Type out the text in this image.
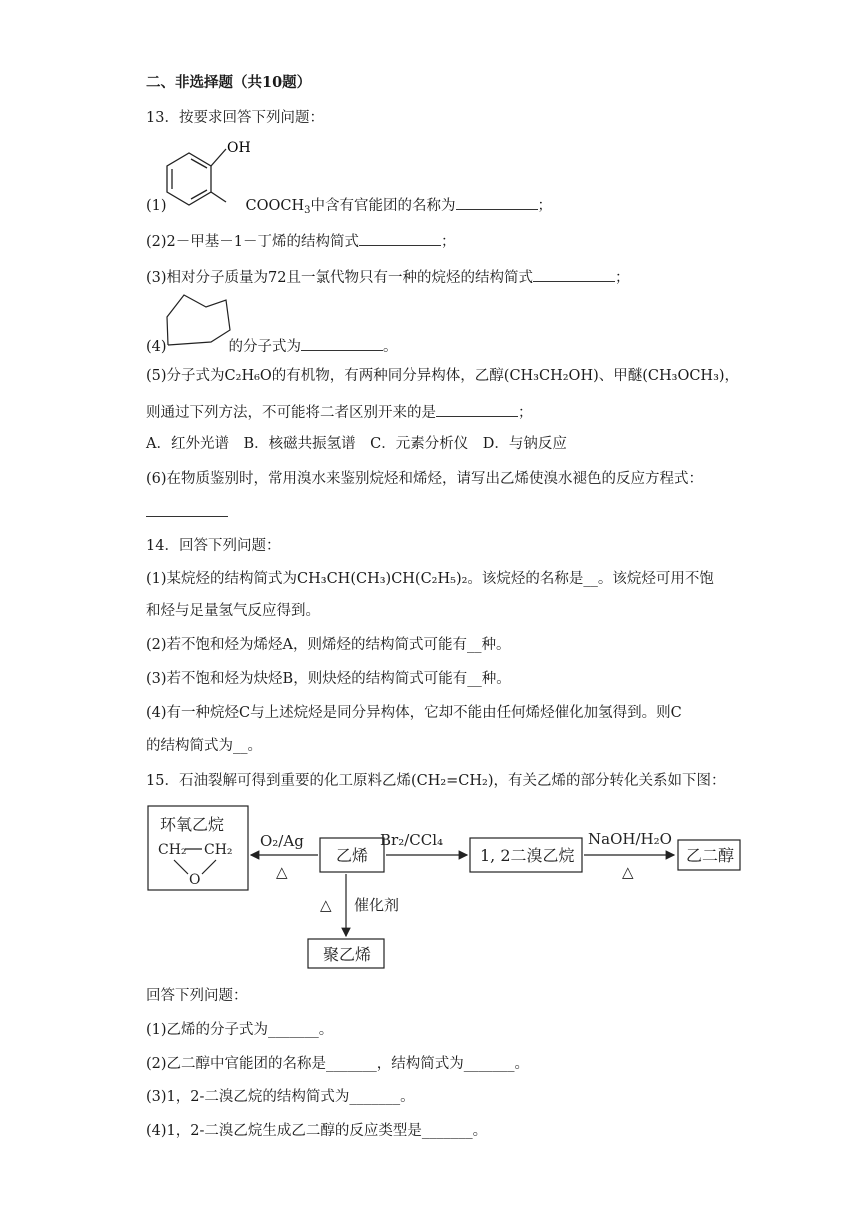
二、非选择题（共10题）
13．按要求回答下列问题：
OH
(1)	$COOCH_3$中含有官能团的名称为	；
(2)2－甲基－1－丁烯的结构简式	；
(3)相对分子质量为72且一氯代物只有一种的烷烃的结构简式	；
(4)	的分子式为	。
(5)分子式为C₂H₆O的有机物，有两种同分异构体，乙醇(CH₃CH₂OH)、甲醚(CH₃OCH₃)，
则通过下列方法，不可能将二者区别开来的是	；
A．红外光谱　B．核磁共振氢谱　C．元素分析仪　D．与钠反应
(6)在物质鉴别时，常用溴水来鉴别烷烃和烯烃，请写出乙烯使溴水褪色的反应方程式：
14．回答下列问题：
(1)某烷烃的结构简式为CH₃CH(CH₃)CH(C₂H₅)₂。该烷烃的名称是__。该烷烃可用不饱
和烃与足量氢气反应得到。
(2)若不饱和烃为烯烃A，则烯烃的结构简式可能有__种。
(3)若不饱和烃为炔烃B，则炔烃的结构简式可能有__种。
(4)有一种烷烃C与上述烷烃是同分异构体，它却不能由任何烯烃催化加氢得到。则C
的结构简式为__。
15．石油裂解可得到重要的化工原料乙烯(CH₂=CH₂)，有关乙烯的部分转化关系如下图：
环氧乙烷
CH₂ CH₂
O
O₂/Ag
△
乙烯
Br₂/CCl₄
1, 2二溴乙烷
NaOH/H₂O
△
乙二醇
△ 催化剂
聚乙烯
回答下列问题：
(1)乙烯的分子式为_______。
(2)乙二醇中官能团的名称是_______，结构简式为_______。
(3)1，2-二溴乙烷的结构简式为_______。
(4)1，2-二溴乙烷生成乙二醇的反应类型是_______。
